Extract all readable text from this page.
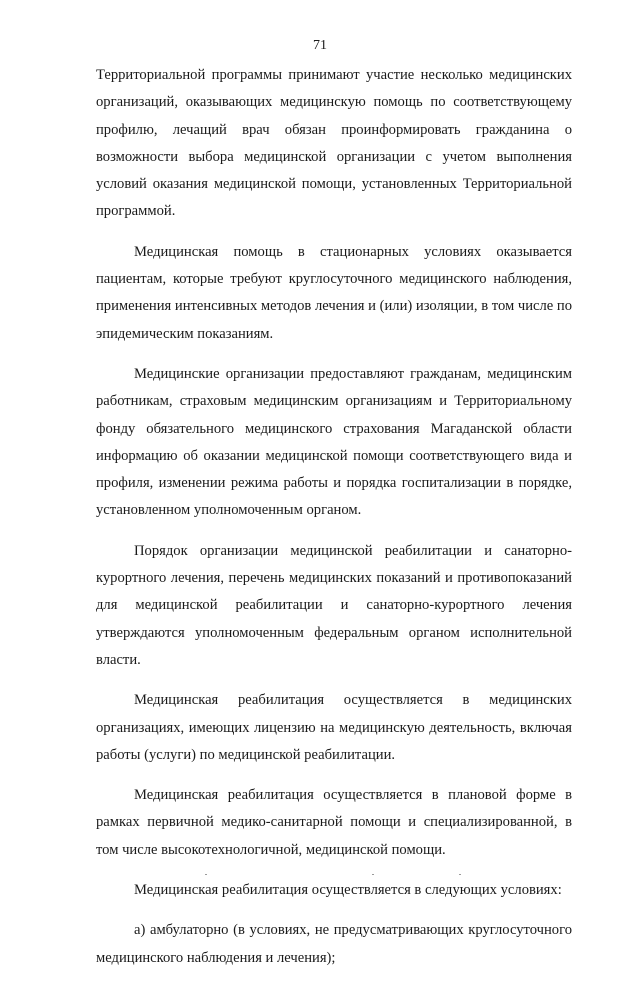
71

Территориальной программы принимают участие несколько медицинских организаций, оказывающих медицинскую помощь по соответствующему профилю, лечащий врач обязан проинформировать гражданина о возможности выбора медицинской организации с учетом выполнения условий оказания медицинской помощи, установленных Территориальной программой.

Медицинская помощь в стационарных условиях оказывается пациентам, которые требуют круглосуточного медицинского наблюдения, применения интенсивных методов лечения и (или) изоляции, в том числе по эпидемическим показаниям.

Медицинские организации предоставляют гражданам, медицинским работникам, страховым медицинским организациям и Территориальному фонду обязательного медицинского страхования Магаданской области информацию об оказании медицинской помощи соответствующего вида и профиля, изменении режима работы и порядка госпитализации в порядке, установленном уполномоченным органом.

Порядок организации медицинской реабилитации и санаторно-курортного лечения, перечень медицинских показаний и противопоказаний для медицинской реабилитации и санаторно-курортного лечения утверждаются уполномоченным федеральным органом исполнительной власти.

Медицинская реабилитация осуществляется в медицинских организациях, имеющих лицензию на медицинскую деятельность, включая работы (услуги) по медицинской реабилитации.

Медицинская реабилитация осуществляется в плановой форме в рамках первичной медико-санитарной помощи и специализированной, в том числе высокотехнологичной, медицинской помощи.

Медицинская реабилитация осуществляется в следующих условиях:

а) амбулаторно (в условиях, не предусматривающих круглосуточного медицинского наблюдения и лечения);
